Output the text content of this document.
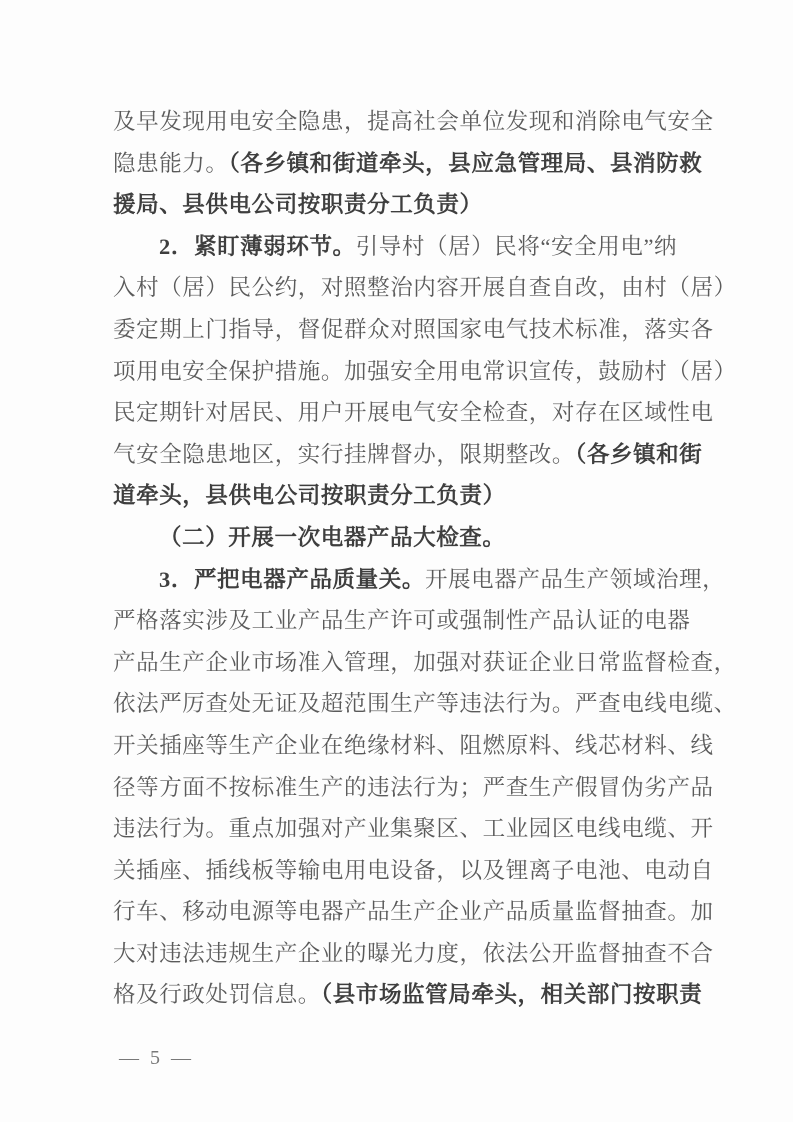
及早发现用电安全隐患，提高社会单位发现和消除电气安全
隐患能力。（各乡镇和街道牵头，县应急管理局、县消防救
援局、县供电公司按职责分工负责）
2．紧盯薄弱环节。引导村（居）民将“安全用电”纳
入村（居）民公约，对照整治内容开展自查自改，由村（居）
委定期上门指导，督促群众对照国家电气技术标准，落实各
项用电安全保护措施。加强安全用电常识宣传，鼓励村（居）
民定期针对居民、用户开展电气安全检查，对存在区域性电
气安全隐患地区，实行挂牌督办，限期整改。（各乡镇和街
道牵头，县供电公司按职责分工负责）
（二）开展一次电器产品大检查。
3．严把电器产品质量关。开展电器产品生产领域治理，
严格落实涉及工业产品生产许可或强制性产品认证的电器
产品生产企业市场准入管理，加强对获证企业日常监督检查，
依法严厉查处无证及超范围生产等违法行为。严查电线电缆、
开关插座等生产企业在绝缘材料、阻燃原料、线芯材料、线
径等方面不按标准生产的违法行为；严查生产假冒伪劣产品
违法行为。重点加强对产业集聚区、工业园区电线电缆、开
关插座、插线板等输电用电设备，以及锂离子电池、电动自
行车、移动电源等电器产品生产企业产品质量监督抽查。加
大对违法违规生产企业的曝光力度，依法公开监督抽查不合
格及行政处罚信息。（县市场监管局牵头，相关部门按职责
— 5 —
